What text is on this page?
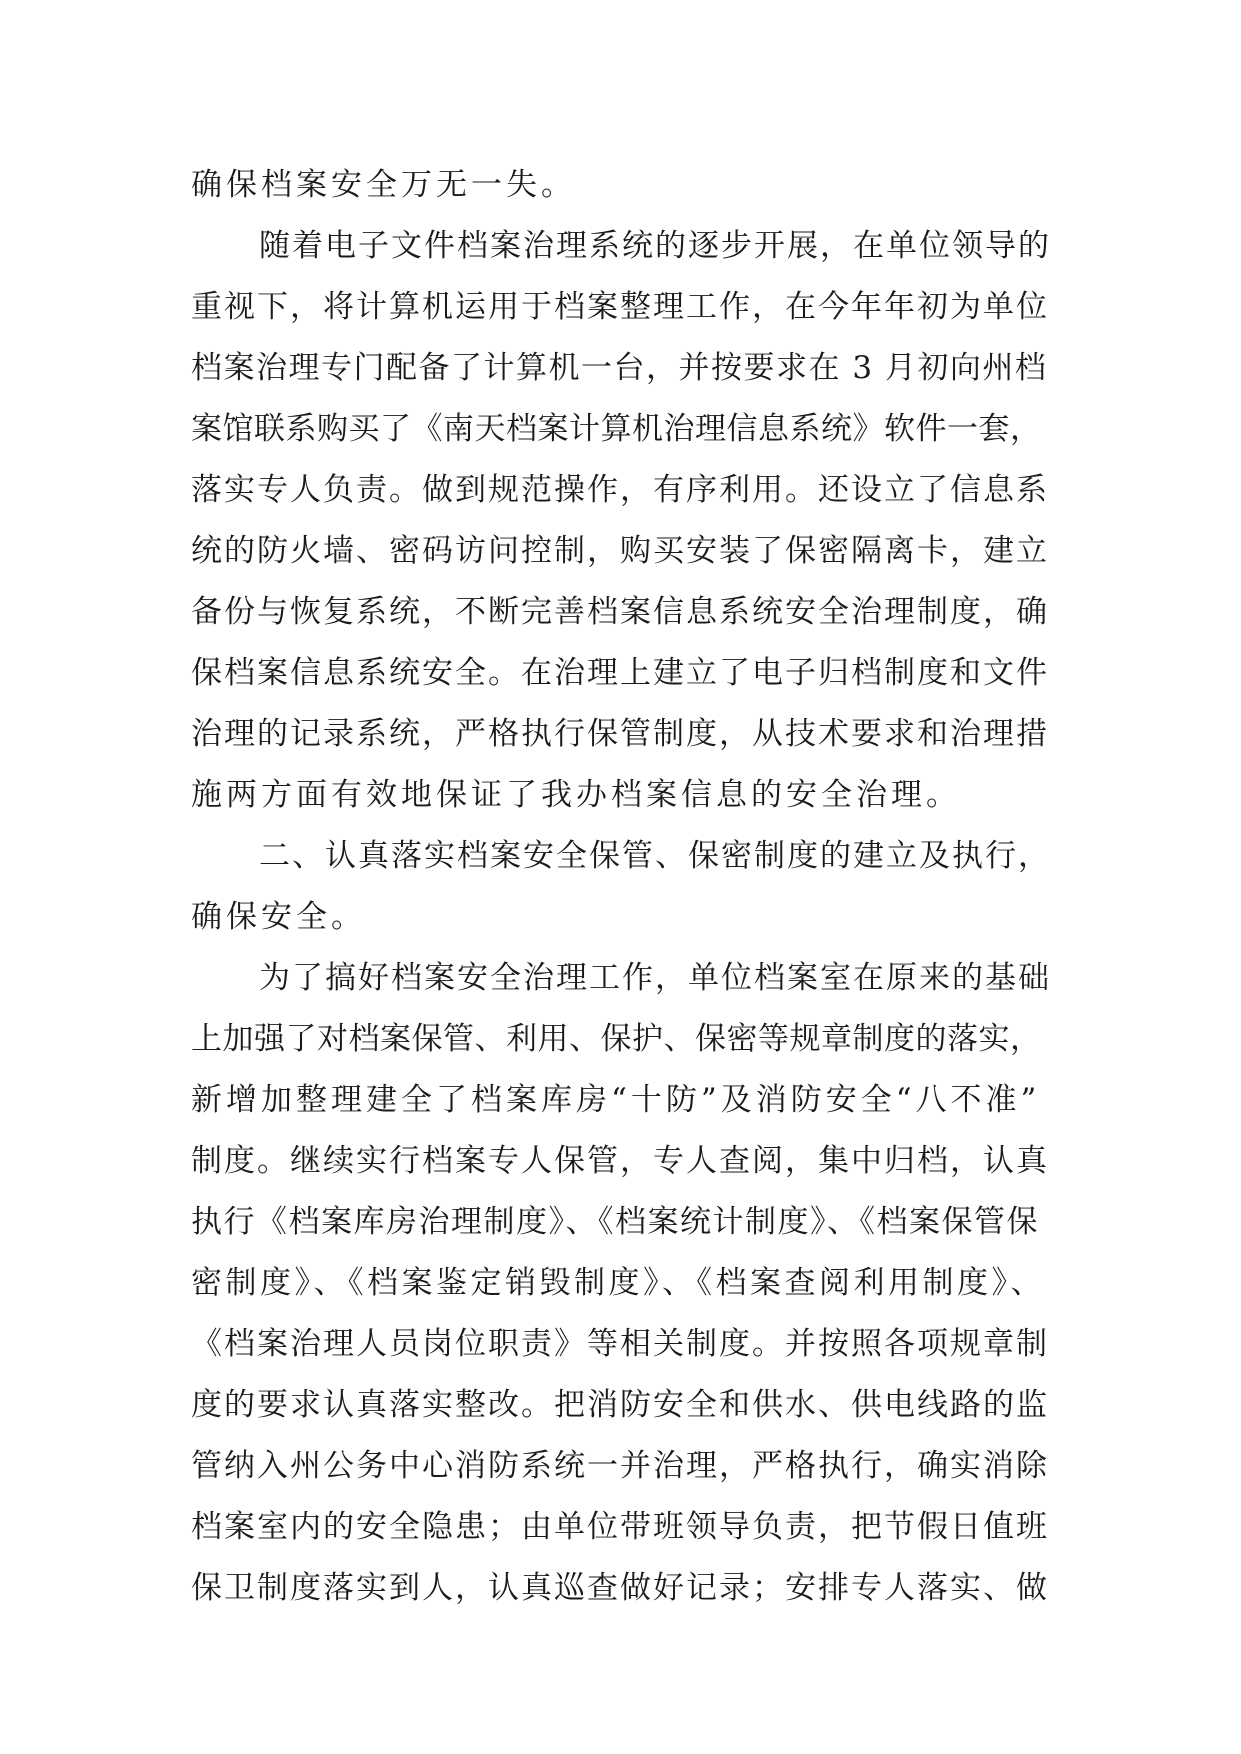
确保档案安全万无一失。
随着电子文件档案治理系统的逐步开展，在单位领导的
重视下，将计算机运用于档案整理工作，在今年年初为单位
档案治理专门配备了计算机一台，并按要求在 3 月初向州档
案馆联系购买了《南天档案计算机治理信息系统》软件一套，
落实专人负责。做到规范操作，有序利用。还设立了信息系
统的防火墙、密码访问控制，购买安装了保密隔离卡，建立
备份与恢复系统，不断完善档案信息系统安全治理制度，确
保档案信息系统安全。在治理上建立了电子归档制度和文件
治理的记录系统，严格执行保管制度，从技术要求和治理措
施两方面有效地保证了我办档案信息的安全治理。
二、认真落实档案安全保管、保密制度的建立及执行，
确保安全。
为了搞好档案安全治理工作，单位档案室在原来的基础
上加强了对档案保管、利用、保护、保密等规章制度的落实，
新增加整理建全了档案库房“十防”及消防安全“八不准”
制度。继续实行档案专人保管，专人查阅，集中归档，认真
执行《档案库房治理制度》、《档案统计制度》、《档案保管保
密制度》、《档案鉴定销毁制度》、《档案查阅利用制度》、
《档案治理人员岗位职责》等相关制度。并按照各项规章制
度的要求认真落实整改。把消防安全和供水、供电线路的监
管纳入州公务中心消防系统一并治理，严格执行，确实消除
档案室内的安全隐患；由单位带班领导负责，把节假日值班
保卫制度落实到人，认真巡查做好记录；安排专人落实、做
